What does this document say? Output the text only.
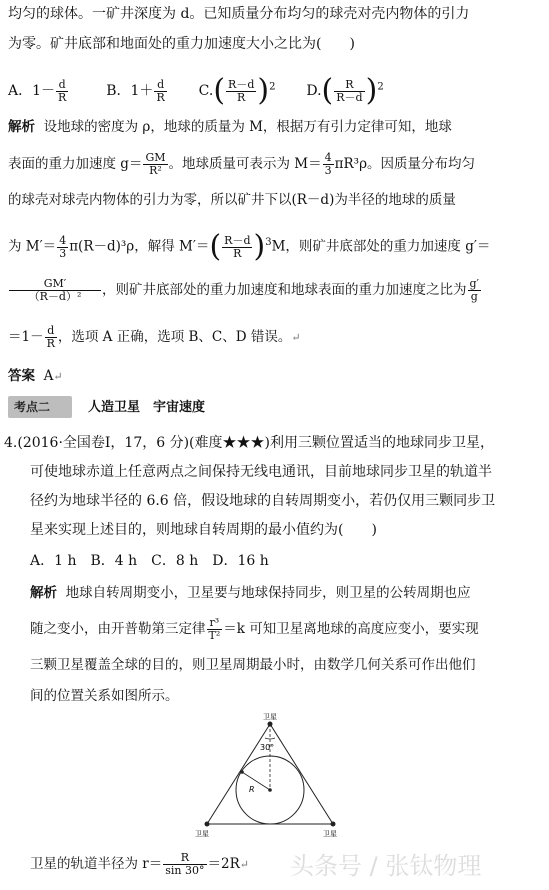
均匀的球体。一矿井深度为 d。已知质量分布均匀的球壳对壳内物体的引力
为零。矿井底部和地面处的重力加速度大小之比为(　　)
A．$1- \frac{d}{R}$	B．$1+ \frac{d}{R} C.( \frac{R-d}{R} )^2$ $D.( \frac{R}{R-d} )^2$
解析 设地球的密度为 ρ，地球的质量为 M，根据万有引力定律可知，地球
表面的重力加速度 $g= \frac{GM}{\text{R²}}$ 。地球质量可表示为 $M= \frac{4}{3} \pi R^3\rho$。因质量分布均匀
的球壳对球壳内物体的引力为零，所以矿井下以(R－d)为半径的地球的质量
为 $M'= \frac{4}{3} \pi(R-d)^3\rho$，解得 $M'=( \frac{R-d}{R} )^3M$，则矿井底部处的重力加速度 g′＝
$\frac{GM'}{\text{（R－d）²}}$ ，则矿井底部处的重力加速度和地球表面的重力加速度之比为 $\frac{g'}{g}$
$=1- \frac{d}{R}$ ，选项 A 正确，选项 B、C、D 错误。↵
答案 A↵
考点二	人造卫星　宇宙速度
4.(2016·全国卷Ⅰ，17，6 分)(难度★★★)利用三颗位置适当的地球同步卫星，
可使地球赤道上任意两点之间保持无线电通讯，目前地球同步卫星的轨道半
径约为地球半径的 6.6 倍，假设地球的自转周期变小，若仍仅用三颗同步卫
星来实现上述目的，则地球自转周期的最小值约为(　　)
A．1 h　B．4 h　C．8 h　D．16 h
解析 地球自转周期变小，卫星要与地球保持同步，则卫星的公转周期也应
随之变小，由开普勒第三定律 $\frac{\text{r³}}{\text{T²}} =k$ 可知卫星离地球的高度应变小，要实现
三颗卫星覆盖全球的目的，则卫星周期最小时，由数学几何关系可作出他们
间的位置关系如图所示。
卫星
30°
R
卫星	卫星
卫星的轨道半径为 $r= \frac{R}{\sin 30^\circ}$ ＝2R↵ 头条号 / 张钛物理
